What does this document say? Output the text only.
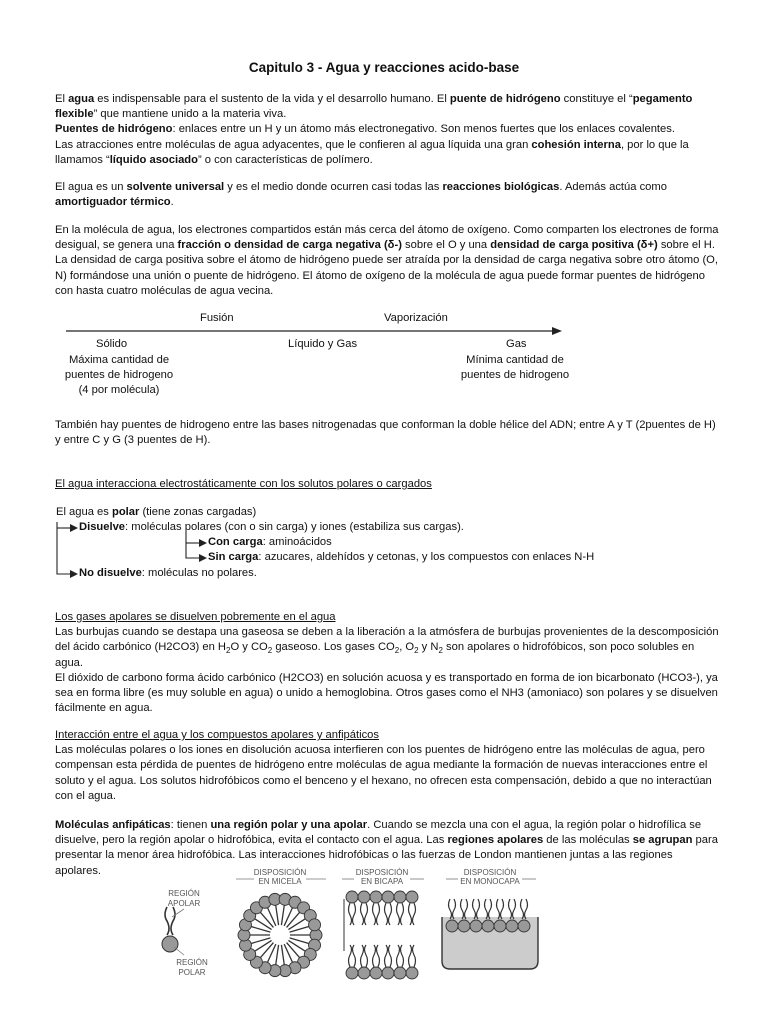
Capitulo 3 - Agua y reacciones acido-base

El agua es indispensable para el sustento de la vida y el desarrollo humano. El puente de hidrógeno constituye el “pegamento flexible” que mantiene unido a la materia viva.

Puentes de hidrógeno: enlaces entre un H y un átomo más electronegativo. Son menos fuertes que los enlaces covalentes.

Las atracciones entre moléculas de agua adyacentes, que le confieren al agua líquida una gran cohesión interna, por lo que la llamamos “líquido asociado” o con características de polímero.

El agua es un solvente universal y es el medio donde ocurren casi todas las reacciones biológicas. Además actúa como amortiguador térmico.

En la molécula de agua, los electrones compartidos están más cerca del átomo de oxígeno. Como comparten los electrones de forma desigual, se genera una fracción o densidad de carga negativa (δ-) sobre el O y una densidad de carga positiva (δ+) sobre el H. La densidad de carga positiva sobre el átomo de hidrógeno puede ser atraída por la densidad de carga negativa sobre otro átomo (O, N) formándose una unión o puente de hidrógeno. El átomo de oxígeno de la molécula de agua puede formar puentes de hidrógeno con hasta cuatro moléculas de agua vecina.

Fusión	Vaporización
Sólido	Líquido y Gas	Gas
Máxima cantidad de
puentes de hidrogeno
(4 por molécula)
Mínima cantidad de
puentes de hidrogeno

También hay puentes de hidrogeno entre las bases nitrogenadas que conforman la doble hélice del ADN; entre A y T (2puentes de H) y entre C y G (3 puentes de H).

El agua interacciona electrostáticamente con los solutos polares o cargados

El agua es polar (tiene zonas cargadas)
Disuelve: moléculas polares (con o sin carga) y iones (estabiliza sus cargas).
Con carga: aminoácidos
Sin carga: azucares, aldehídos y cetonas, y los compuestos con enlaces N-H
No disuelve: moléculas no polares.

Los gases apolares se disuelven pobremente en el agua

Las burbujas cuando se destapa una gaseosa se deben a la liberación a la atmósfera de burbujas provenientes de la descomposición del ácido carbónico (H2CO3) en $H_2O$ y $CO_2$ gaseoso. Los gases $CO_2$, $O_2$ y $N_2$ son apolares o hidrofóbicos, son poco solubles en agua.

El dióxido de carbono forma ácido carbónico (H2CO3) en solución acuosa y es transportado en forma de ion bicarbonato (HCO3-), ya sea en forma libre (es muy soluble en agua) o unido a hemoglobina. Otros gases como el NH3 (amoniaco) son polares y se disuelven fácilmente en agua.

Interacción entre el agua y los compuestos apolares y anfipáticos

Las moléculas polares o los iones en disolución acuosa interfieren con los puentes de hidrógeno entre las moléculas de agua, pero compensan esta pérdida de puentes de hidrógeno entre moléculas de agua mediante la formación de nuevas interacciones entre el soluto y el agua. Los solutos hidrofóbicos como el benceno y el hexano, no ofrecen esta compensación, debido a que no interactúan con el agua.

Moléculas anfipáticas: tienen una región polar y una apolar. Cuando se mezcla una con el agua, la región polar o hidrofílica se disuelve, pero la región apolar o hidrofóbica, evita el contacto con el agua. Las regiones apolares de las moléculas se agrupan para presentar la menor área hidrofóbica. Las interacciones hidrofóbicas o las fuerzas de London mantienen juntas a las regiones apolares.

REGIÓN
APOLAR
REGIÓN
POLAR
DISPOSICIÓN
EN MICELA
DISPOSICIÓN
EN BICAPA
DISPOSICIÓN
EN MONOCAPA
